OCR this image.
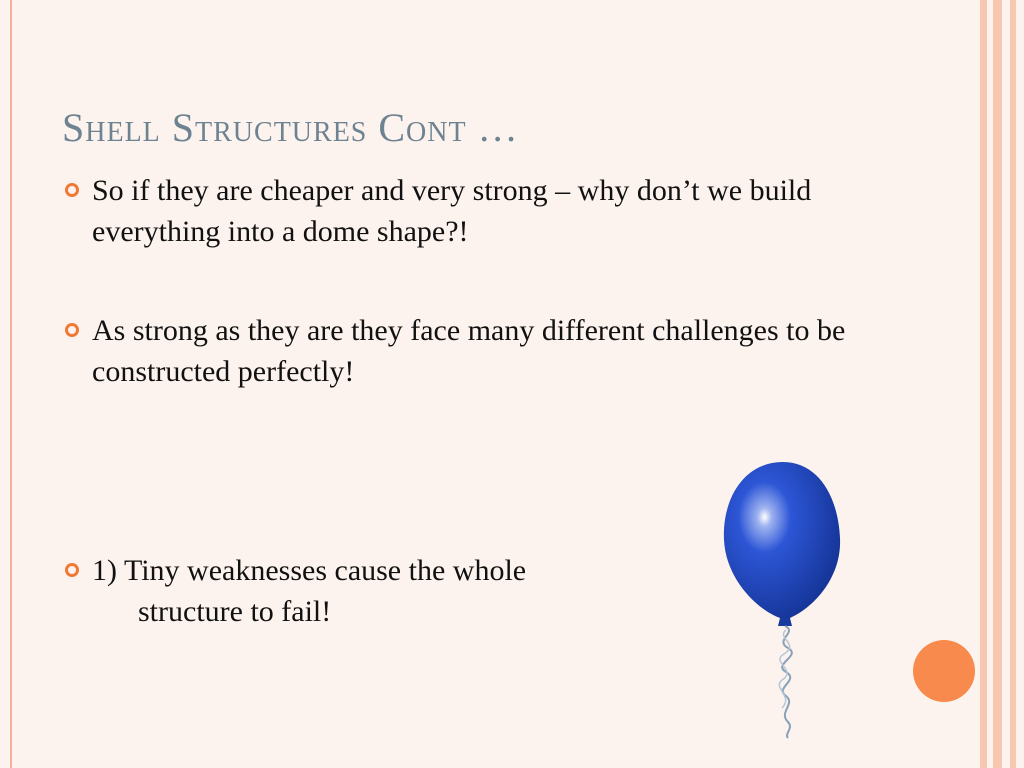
Shell Structures Cont …
So if they are cheaper and very strong – why don’t we build everything into a dome shape?!
As strong as they are they face many different challenges to be constructed perfectly!
1) Tiny weaknesses cause the whole
structure to fail!
